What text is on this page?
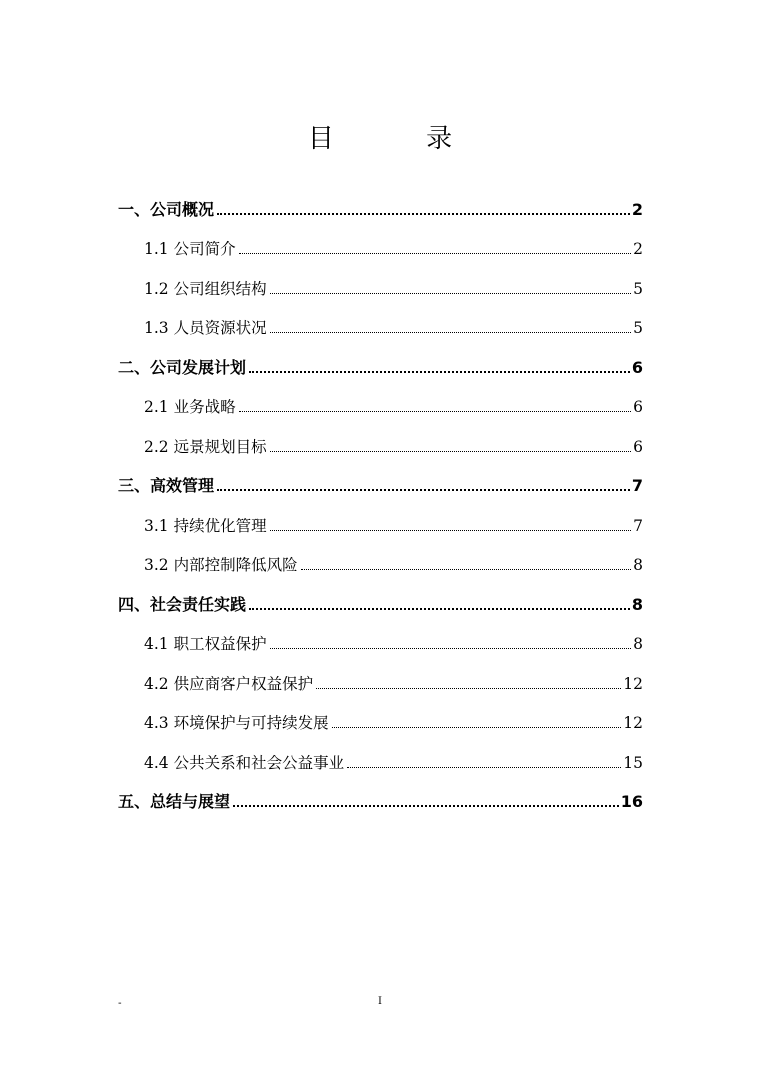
目 录
一、公司概况	2
1.1 公司简介	2
1.2 公司组织结构	5
1.3 人员资源状况	5
二、公司发展计划	6
2.1 业务战略	6
2.2 远景规划目标	6
三、高效管理	7
3.1 持续优化管理	7
3.2 内部控制降低风险	8
四、社会责任实践	8
4.1 职工权益保护	8
4.2 供应商客户权益保护	12
4.3 环境保护与可持续发展	12
4.4 公共关系和社会公益事业	15
五、总结与展望	16
-	I
